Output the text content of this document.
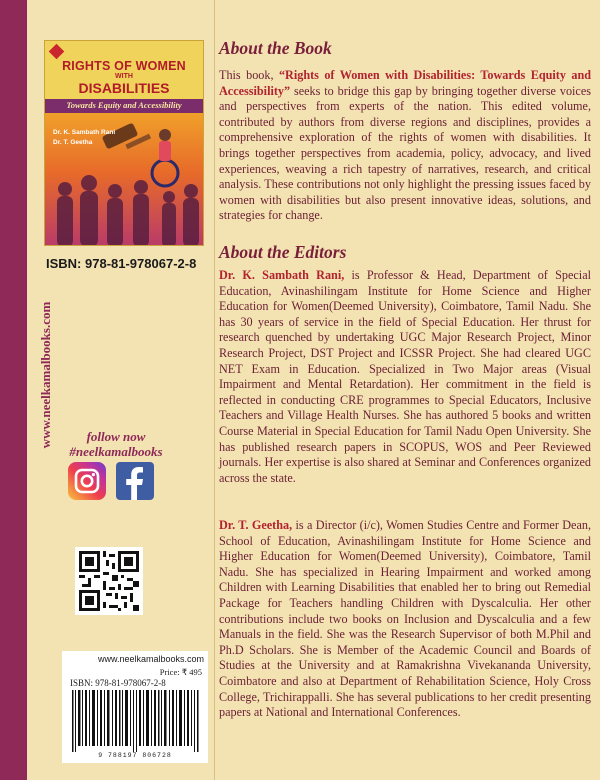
www.neelkamalbooks.com
RIGHTS OF WOMEN
WITH
DISABILITIES
Towards Equity and Accessibility
Dr. K. Sambath Rani
Dr. T. Geetha
ISBN: 978-81-978067-2-8
follow now
#neelkamalbooks
www.neelkamalbooks.com
Price: ₹ 495
ISBN: 978-81-978067-2-8
9 788197 806728
About the Book

This book, “Rights of Women with Disabilities: Towards Equity and Accessibility” seeks to bridge this gap by bringing together diverse voices and perspectives from experts of the nation. This edited volume, contributed by authors from diverse regions and disciplines, provides a comprehensive exploration of the rights of women with disabilities. It brings together perspectives from academia, policy, advocacy, and lived experiences, weaving a rich tapestry of narratives, research, and critical analysis. These contributions not only highlight the pressing issues faced by women with disabilities but also present innovative ideas, solutions, and strategies for change.

About the Editors

Dr. K. Sambath Rani, is Professor & Head, Department of Special Education, Avinashilingam Institute for Home Science and Higher Education for Women(Deemed University), Coimbatore, Tamil Nadu. She has 30 years of service in the field of Special Education. Her thrust for research quenched by undertaking UGC Major Research Project, Minor Research Project, DST Project and ICSSR Project. She had cleared UGC NET Exam in Education. Specialized in Two Major areas (Visual Impairment and Mental Retardation). Her commitment in the field is reflected in conducting CRE programmes to Special Educators, Inclusive Teachers and Village Health Nurses. She has authored 5 books and written Course Material in Special Education for Tamil Nadu Open University. She has published research papers in SCOPUS, WOS and Peer Reviewed journals. Her expertise is also shared at Seminar and Conferences organized across the state.

Dr. T. Geetha, is a Director (i/c), Women Studies Centre and Former Dean, School of Education, Avinashilingam Institute for Home Science and Higher Education for Women(Deemed University), Coimbatore, Tamil Nadu. She has specialized in Hearing Impairment and worked among Children with Learning Disabilities that enabled her to bring out Remedial Package for Teachers handling Children with Dyscalculia. Her other contributions include two books on Inclusion and Dyscalculia and a few Manuals in the field. She was the Research Supervisor of both M.Phil and Ph.D Scholars. She is Member of the Academic Council and Boards of Studies at the University and at Ramakrishna Vivekananda University, Coimbatore and also at Department of Rehabilitation Science, Holy Cross College, Trichirappalli. She has several publications to her credit presenting papers at National and International Conferences.
